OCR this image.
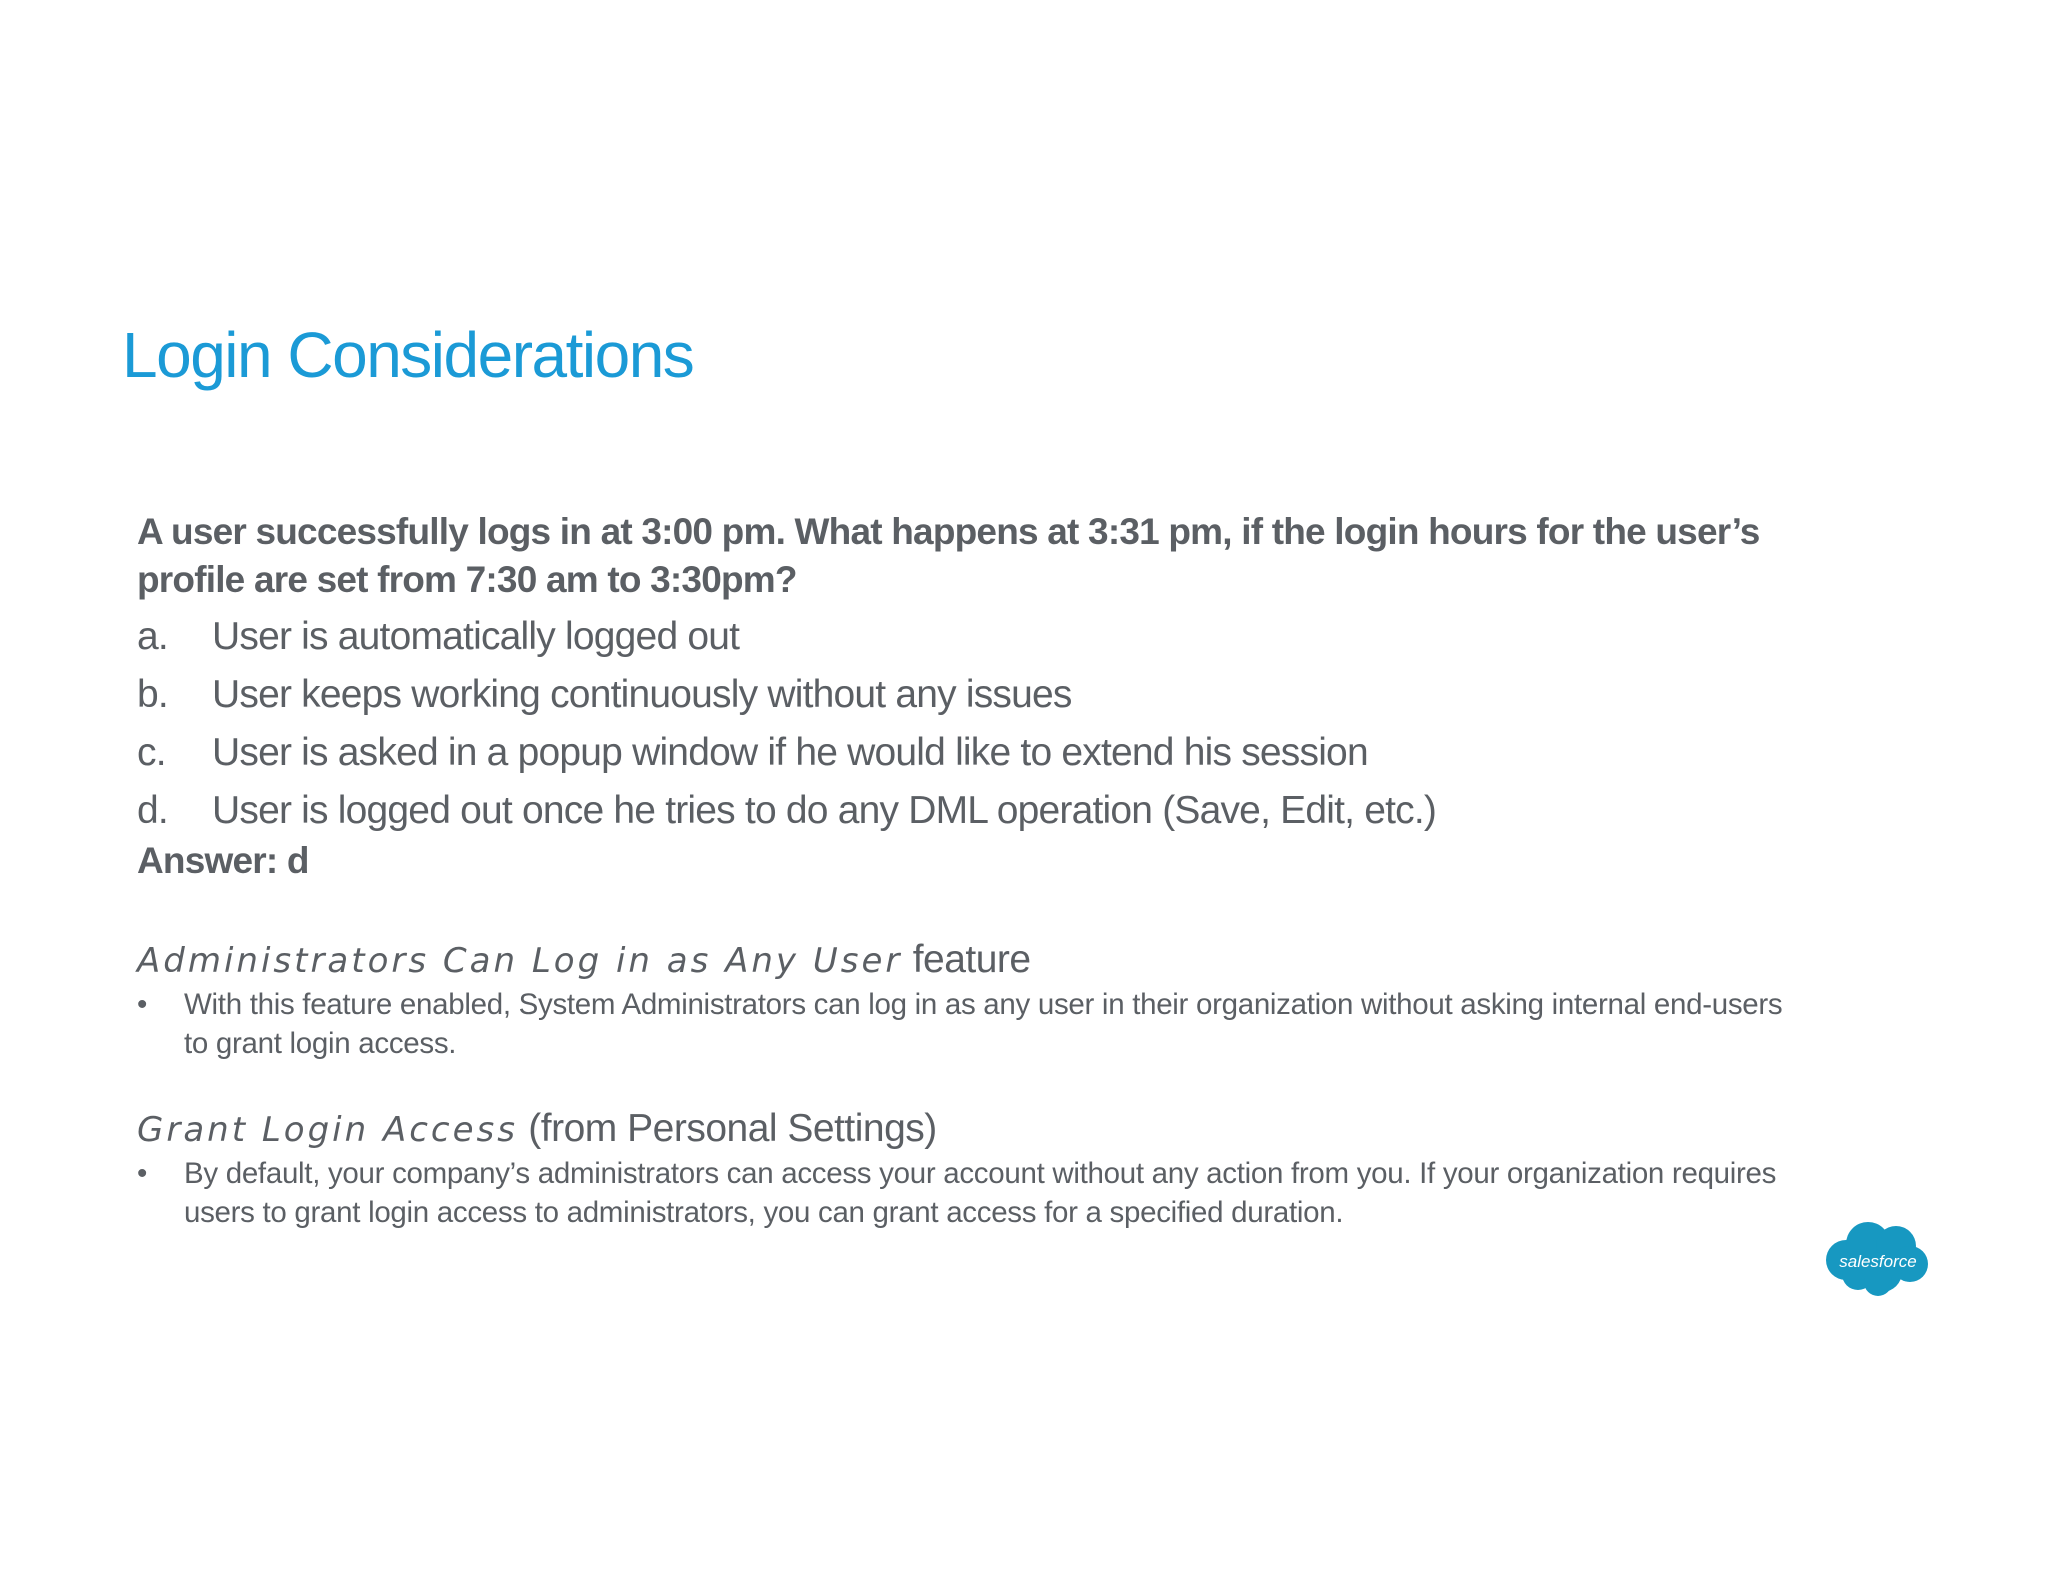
Login Considerations

A user successfully logs in at 3:00 pm. What happens at 3:31 pm, if the login hours for the user’s profile are set from 7:30 am to 3:30pm?

a.	User is automatically logged out
b.	User keeps working continuously without any issues
c.	User is asked in a popup window if he would like to extend his session
d.	User is logged out once he tries to do any DML operation (Save, Edit, etc.)

Answer: d

Administrators Can Log in as Any User feature

•	With this feature enabled, System Administrators can log in as any user in their organization without asking internal end-users to grant login access.

Grant Login Access (from Personal Settings)

•	By default, your company’s administrators can access your account without any action from you. If your organization requires users to grant login access to administrators, you can grant access for a specified duration.

salesforce
